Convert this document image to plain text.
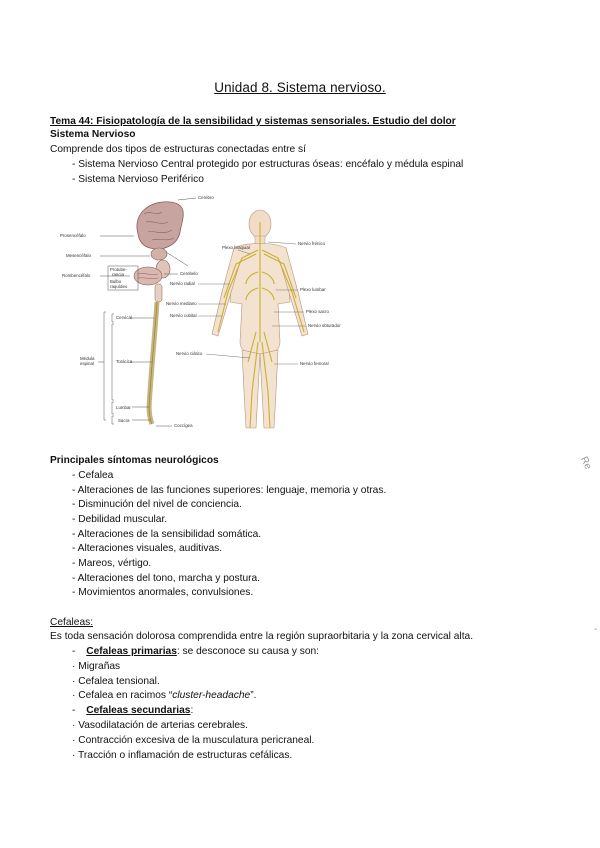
Unidad 8. Sistema nervioso.
Tema 44: Fisiopatología de la sensibilidad y sistemas sensoriales. Estudio del dolor
Sistema Nervioso
Comprende dos tipos de estructuras conectadas entre sí
- Sistema Nervioso Central protegido por estructuras óseas: encéfalo y médula espinal
- Sistema Nervioso Periférico
Prosencéfalo
Mesencéfalo
Rombencéfalo
Protube-
rancia
Bulbo
raquídeo
Cerebro
Cerebelo
Cervical
Médula
espinal	Torácica
Lumbar
Sacra
Coccígea
Plexo braquial
Nervio frénico
Nervio radial
Plexo lumbar
Nervio mediano
Nervio cubital
Plexo sacro
Nervio obturador
Nervio ciático
Nervio femoral
Principales síntomas neurológicos
- Cefalea
- Alteraciones de las funciones superiores: lenguaje, memoria y otras.
- Disminución del nivel de conciencia.
- Debilidad muscular.
- Alteraciones de la sensibilidad somática.
- Alteraciones visuales, auditivas.
- Mareos, vértigo.
- Alteraciones del tono, marcha y postura.
- Movimientos anormales, convulsiones.
Cefaleas:
Es toda sensación dolorosa comprendida entre la región supraorbitaria y la zona cervical alta.
- Cefaleas primarias: se desconoce su causa y son:
· Migrañas
· Cefalea tensional.
· Cefalea en racimos “cluster-headache”.
- Cefaleas secundarias:
· Vasodilatación de arterias cerebrales.
· Contracción excesiva de la musculatura pericraneal.
· Tracción o inflamación de estructuras cefálicas.
Re
-
